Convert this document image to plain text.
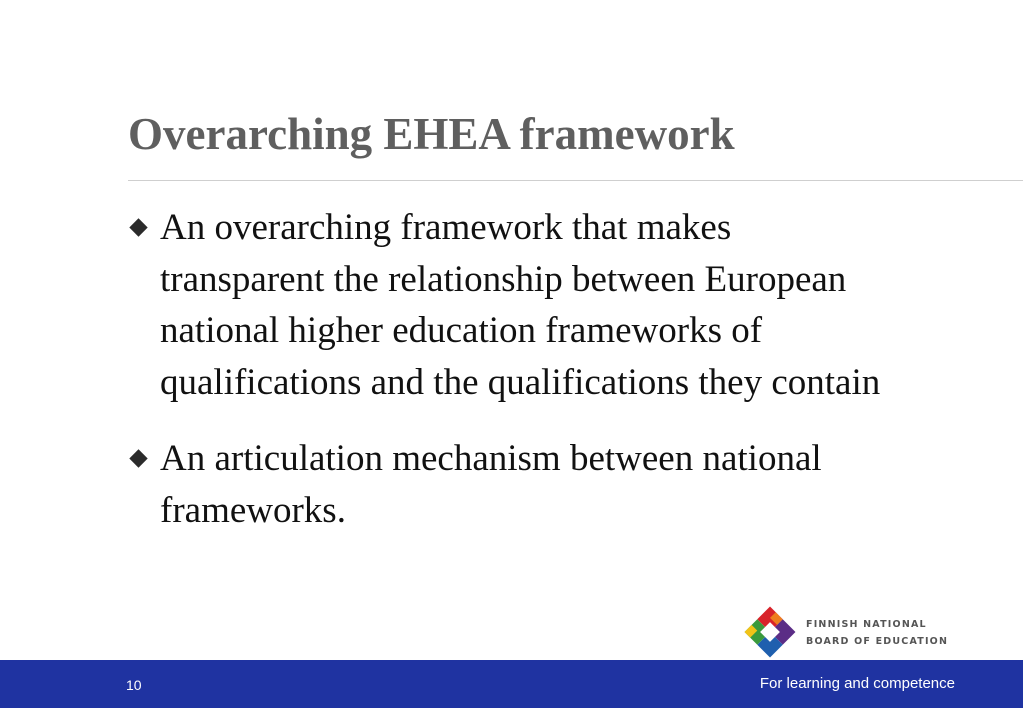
Overarching EHEA framework
An overarching framework that makes transparent the relationship between European national higher education frameworks of qualifications and the qualifications they contain
An articulation mechanism between national frameworks.
FINNISH NATIONAL
BOARD OF EDUCATION
10	For learning and competence
